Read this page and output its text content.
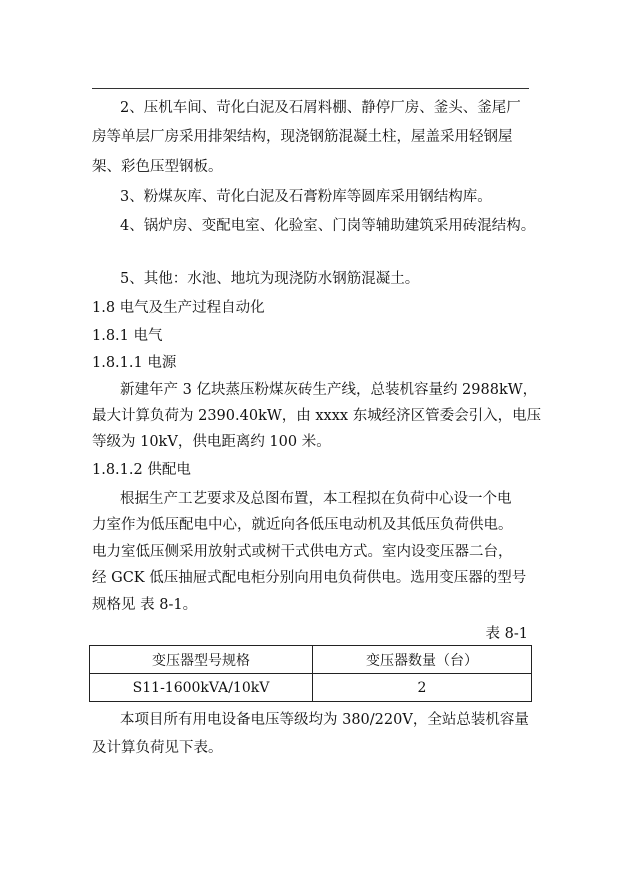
2、压机车间、苛化白泥及石屑料棚、静停厂房、釜头、釜尾厂
房等单层厂房采用排架结构，现浇钢筋混凝土柱，屋盖采用轻钢屋
架、彩色压型钢板。
3、粉煤灰库、苛化白泥及石膏粉库等圆库采用钢结构库。
4、锅炉房、变配电室、化验室、门岗等辅助建筑采用砖混结构。
5、其他：水池、地坑为现浇防水钢筋混凝土。
1.8 电气及生产过程自动化
1.8.1 电气
1.8.1.1 电源
新建年产 3 亿块蒸压粉煤灰砖生产线，总装机容量约 2988kW，
最大计算负荷为 2390.40kW，由 xxxx 东城经济区管委会引入，电压
等级为 10kV，供电距离约 100 米。
1.8.1.2 供配电
根据生产工艺要求及总图布置，本工程拟在负荷中心设一个电
力室作为低压配电中心，就近向各低压电动机及其低压负荷供电。
电力室低压侧采用放射式或树干式供电方式。室内设变压器二台，
经 GCK 低压抽屉式配电柜分别向用电负荷供电。选用变压器的型号
规格见 表 8-1。
表 8-1
变压器型号规格	变压器数量（台）
S11-1600kVA/10kV	2
本项目所有用电设备电压等级均为 380/220V，全站总装机容量
及计算负荷见下表。
